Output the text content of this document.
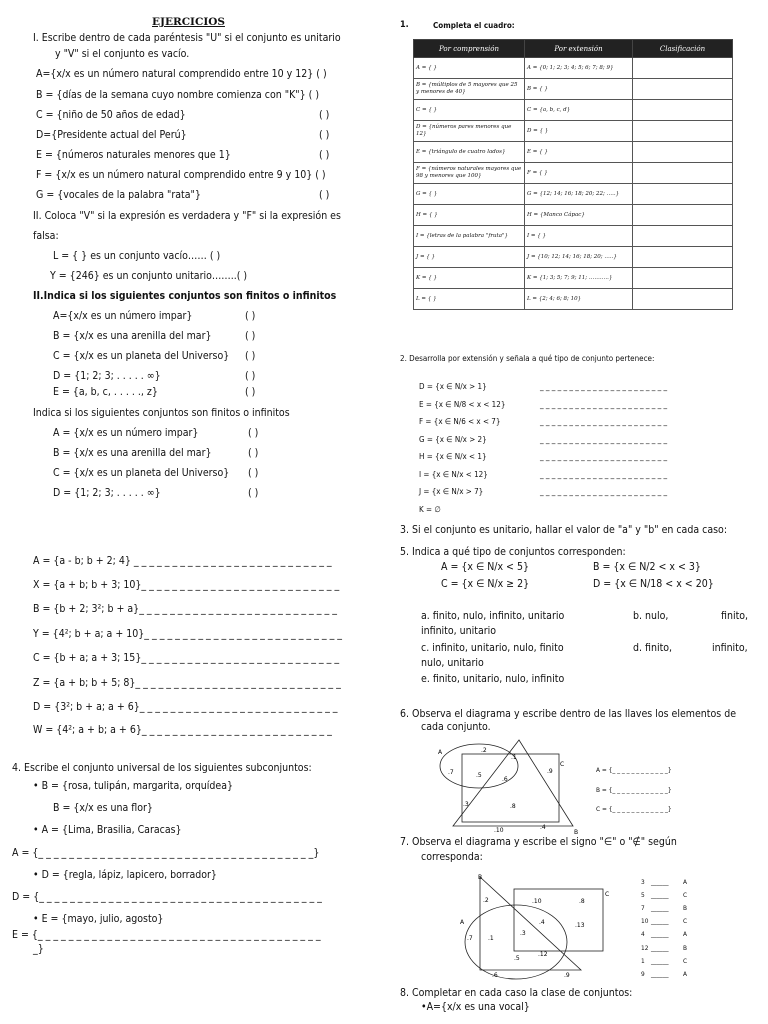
EJERCICIOS
I. Escribe dentro de cada paréntesis "U" si el conjunto es unitario
y "V" si el conjunto es vacío.
A={x/x es un número natural comprendido entre 10 y 12} ( )
B = {días de la semana cuyo nombre comienza con "K"} ( )
C = {niño de 50 años de edad}	( )
D={Presidente actual del Perú}	( )
E = {números naturales menores que 1}	( )
F = {x/x es un número natural comprendido entre 9 y 10} ( )
G = {vocales de la palabra "rata"}	( )
II. Coloca "V" si la expresión es verdadera y "F" si la expresión es
falsa:
L = { } es un conjunto vacío…… ( )
Y = {246} es un conjunto unitario……..( )
II.Indica si los siguientes conjuntos son finitos o infinitos
Indica si los siguientes conjuntos son finitos o infinitos
4. Escribe el conjunto universal de los siguientes subconjuntos:
• B = {rosa, tulipán, margarita, orquídea}
B = {x/x es una flor}
• A = {Lima, Brasilia, Caracas}
A = {_ _ _ _ _ _ _ _ _ _ _ _ _ _ _ _ _ _ _ _ _ _ _ _ _ _ _ _ _ _ _ _ _ _ _ _}
• D = {regla, lápiz, lapicero, borrador}
D = {_ _ _ _ _ _ _ _ _ _ _ _ _ _ _ _ _ _ _ _ _ _ _ _ _ _ _ _ _ _ _ _ _ _ _ _ _
• E = {mayo, julio, agosto}
E = {_ _ _ _ _ _ _ _ _ _ _ _ _ _ _ _ _ _ _ _ _ _ _ _ _ _ _ _ _ _ _ _ _ _ _ _ _
_}
1.	Completa el cuadro:
Por comprensión	Por extensión	Clasificación
A = { }	A = {0; 1; 2; 3; 4; 5; 6; 7; 8; 9}	
B = {múltiplos de 5 mayores que 25 y menores de 40}	B = { }	
C = { }	C = {a, b, c, d}	
D = {números pares menores que 12}	D = { }	
E = {triángulo de cuatro lados}	E = { }	
F = {números naturales mayores que 98 y menores que 100}	F = { }	
G = { }	G = {12; 14; 16; 18; 20; 22; …..}	
H = { }	H = {Manco Cápac}	
I = {letras de la palabra "fruta"}	I = { }	
J = { }	J = {10; 12; 14; 16; 18; 20; …..}	
K = { }	K = {1; 3; 5; 7; 9; 11; ………..}	
L = { }	L = {2; 4; 6; 8; 10}	
2. Desarrolla por extensión y señala a qué tipo de conjunto pertenece:
3. Si el conjunto es unitario, hallar el valor de "a" y "b" en cada caso:
5. Indica a qué tipo de conjuntos corresponden:
A = {x ∈ N/x < 5}	B = {x ∈ N/2 < x < 3}
C = {x ∈ N/x ≥ 2}	D = {x ∈ N/18 < x < 20}
a. finito, nulo, infinito, unitario	b. nulo,	finito,
infinito, unitario
c. infinito, unitario, nulo, finito	d. finito,	infinito,
nulo, unitario
e. finito, unitario, nulo, infinito
6. Observa el diagrama y escribe dentro de las llaves los elementos de
cada conjunto.
A
C
B
.2
.1
.7	.5
.6
.9
.3	.8
.10	.4
A = {_ _ _ _ _ _ _ _ _ _ _ _}
B = {_ _ _ _ _ _ _ _ _ _ _ _}
C = {_ _ _ _ _ _ _ _ _ _ _ _}
7. Observa el diagrama y escribe el signo "∈" o "∉" según
corresponda:
B
A
C
.2	.10	.8
.4	.13
.7	.1
.3
.5
.12
.6	.9
8. Completar en cada caso la clase de conjuntos:
•A={x/x es una vocal}
A={x/x es un número impar}	( )
B = {x/x es una arenilla del mar}	( )
C = {x/x es un planeta del Universo} ( )
D = {1; 2; 3; . . . . . ∞}	( )
E = {a, b, c, . . . . ., z}	( )
A = {x/x es un número impar}	( )
B = {x/x es una arenilla del mar}	( )
C = {x/x es un planeta del Universo} ( )
D = {1; 2; 3; . . . . . ∞}	( )
A = {a - b; b + 2; 4} _ _ _ _ _ _ _ _ _ _ _ _ _ _ _ _ _ _ _ _ _ _ _ _ _ _
X = {a + b; b + 3; 10}_ _ _ _ _ _ _ _ _ _ _ _ _ _ _ _ _ _ _ _ _ _ _ _ _ _
B = {b + 2; 3²; b + a}_ _ _ _ _ _ _ _ _ _ _ _ _ _ _ _ _ _ _ _ _ _ _ _ _ _
Y = {4²; b + a; a + 10}_ _ _ _ _ _ _ _ _ _ _ _ _ _ _ _ _ _ _ _ _ _ _ _ _ _
C = {b + a; a + 3; 15}_ _ _ _ _ _ _ _ _ _ _ _ _ _ _ _ _ _ _ _ _ _ _ _ _ _
Z = {a + b; b + 5; 8}_ _ _ _ _ _ _ _ _ _ _ _ _ _ _ _ _ _ _ _ _ _ _ _ _ _ _
D = {3²; b + a; a + 6}_ _ _ _ _ _ _ _ _ _ _ _ _ _ _ _ _ _ _ _ _ _ _ _ _ _
W = {4²; a + b; a + 6}_ _ _ _ _ _ _ _ _ _ _ _ _ _ _ _ _ _ _ _ _ _ _ _ _
D = {x ∈ N/x > 1}	_ _ _ _ _ _ _ _ _ _ _ _ _ _ _ _ _ _ _ _ _ _
E = {x ∈ N/8 < x < 12}	_ _ _ _ _ _ _ _ _ _ _ _ _ _ _ _ _ _ _ _ _ _
F = {x ∈ N/6 < x < 7}	_ _ _ _ _ _ _ _ _ _ _ _ _ _ _ _ _ _ _ _ _ _
G = {x ∈ N/x > 2}	_ _ _ _ _ _ _ _ _ _ _ _ _ _ _ _ _ _ _ _ _ _
H = {x ∈ N/x < 1}	_ _ _ _ _ _ _ _ _ _ _ _ _ _ _ _ _ _ _ _ _ _
I = {x ∈ N/x < 12}	_ _ _ _ _ _ _ _ _ _ _ _ _ _ _ _ _ _ _ _ _ _
J = {x ∈ N/x > 7}	_ _ _ _ _ _ _ _ _ _ _ _ _ _ _ _ _ _ _ _ _ _
K = ∅
3 ______ A
5 ______ C
7 ______ B
10 ______ C
4 ______ A
12 ______ B
1 ______ C
9 ______ A
